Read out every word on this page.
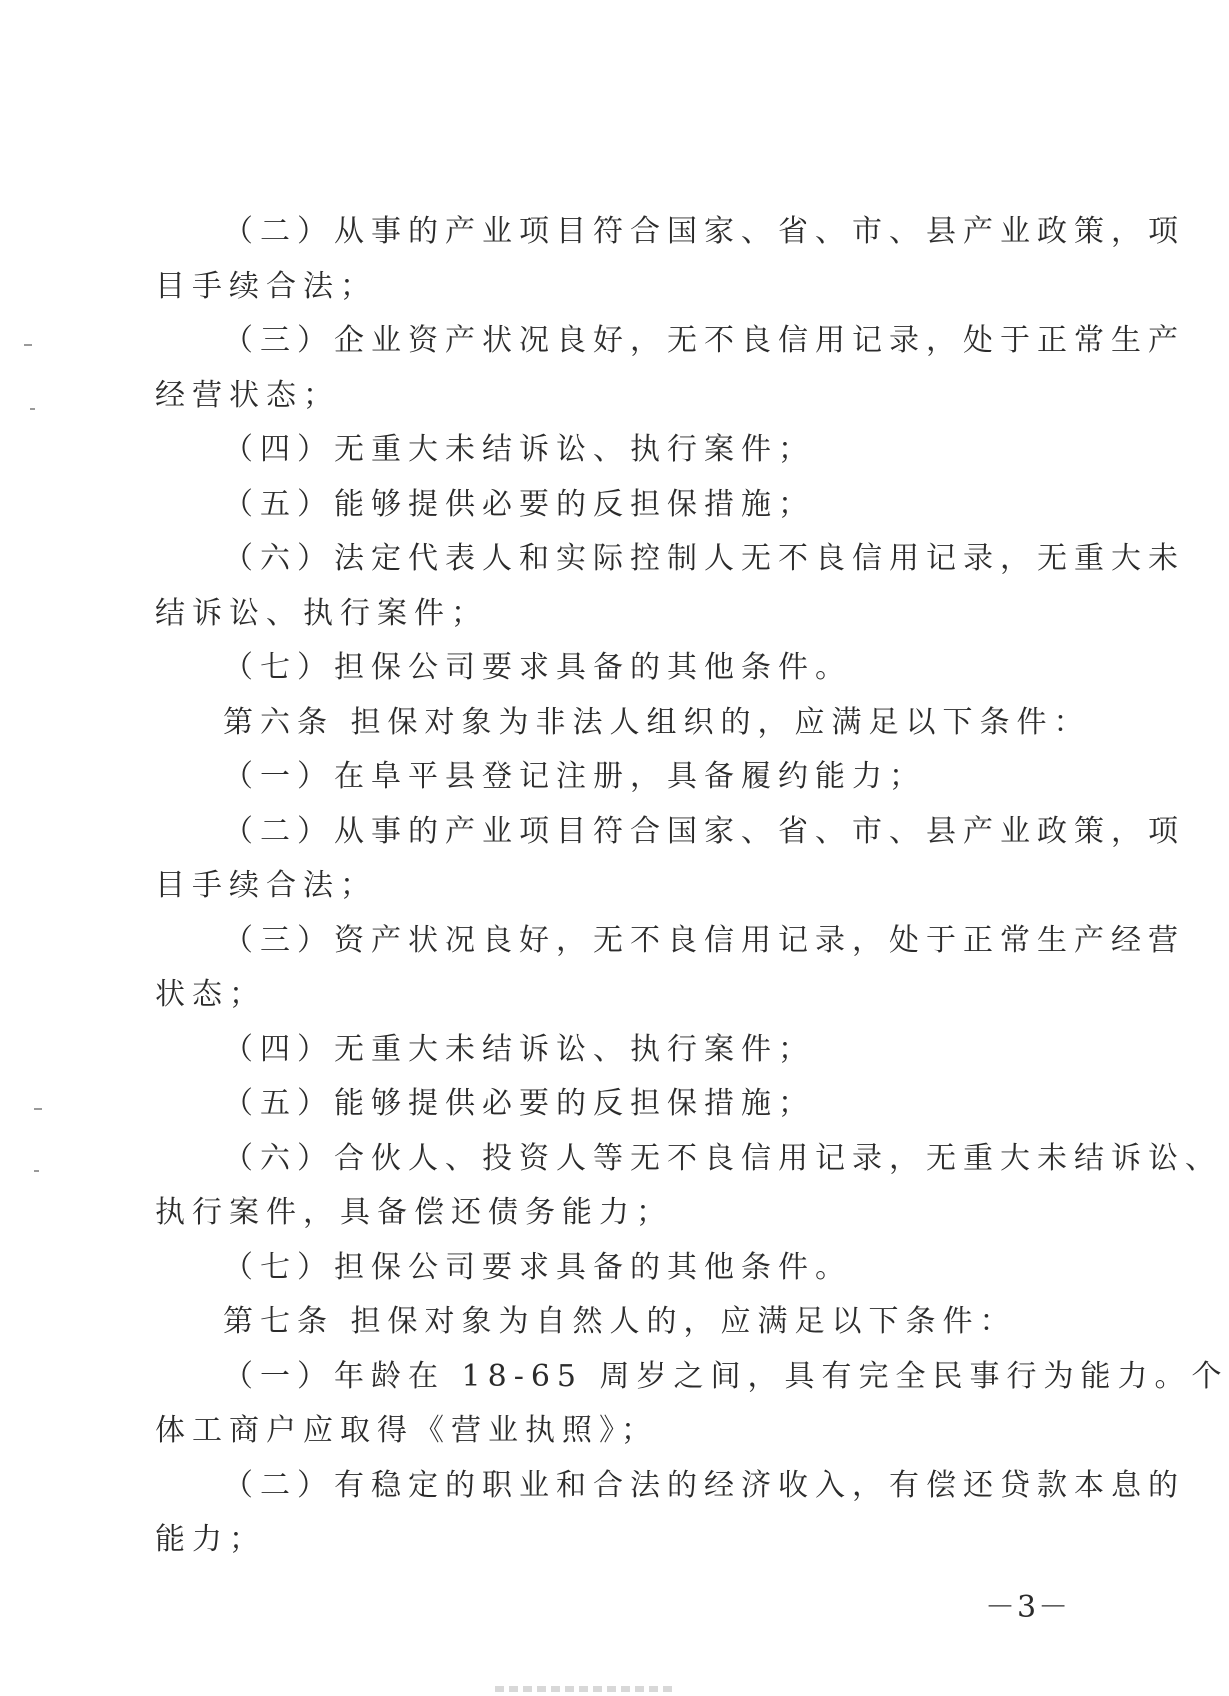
（二）从事的产业项目符合国家、省、市、县产业政策，项
目手续合法；
（三）企业资产状况良好，无不良信用记录，处于正常生产
经营状态；
（四）无重大未结诉讼、执行案件；
（五）能够提供必要的反担保措施；
（六）法定代表人和实际控制人无不良信用记录，无重大未
结诉讼、执行案件；
（七）担保公司要求具备的其他条件。
第六条 担保对象为非法人组织的，应满足以下条件：
（一）在阜平县登记注册，具备履约能力；
（二）从事的产业项目符合国家、省、市、县产业政策，项
目手续合法；
（三）资产状况良好，无不良信用记录，处于正常生产经营
状态；
（四）无重大未结诉讼、执行案件；
（五）能够提供必要的反担保措施；
（六）合伙人、投资人等无不良信用记录，无重大未结诉讼、
执行案件，具备偿还债务能力；
（七）担保公司要求具备的其他条件。
第七条 担保对象为自然人的，应满足以下条件：
（一）年龄在 18-65 周岁之间，具有完全民事行为能力。个
体工商户应取得《营业执照》；
（二）有稳定的职业和合法的经济收入，有偿还贷款本息的
能力；
－3－
